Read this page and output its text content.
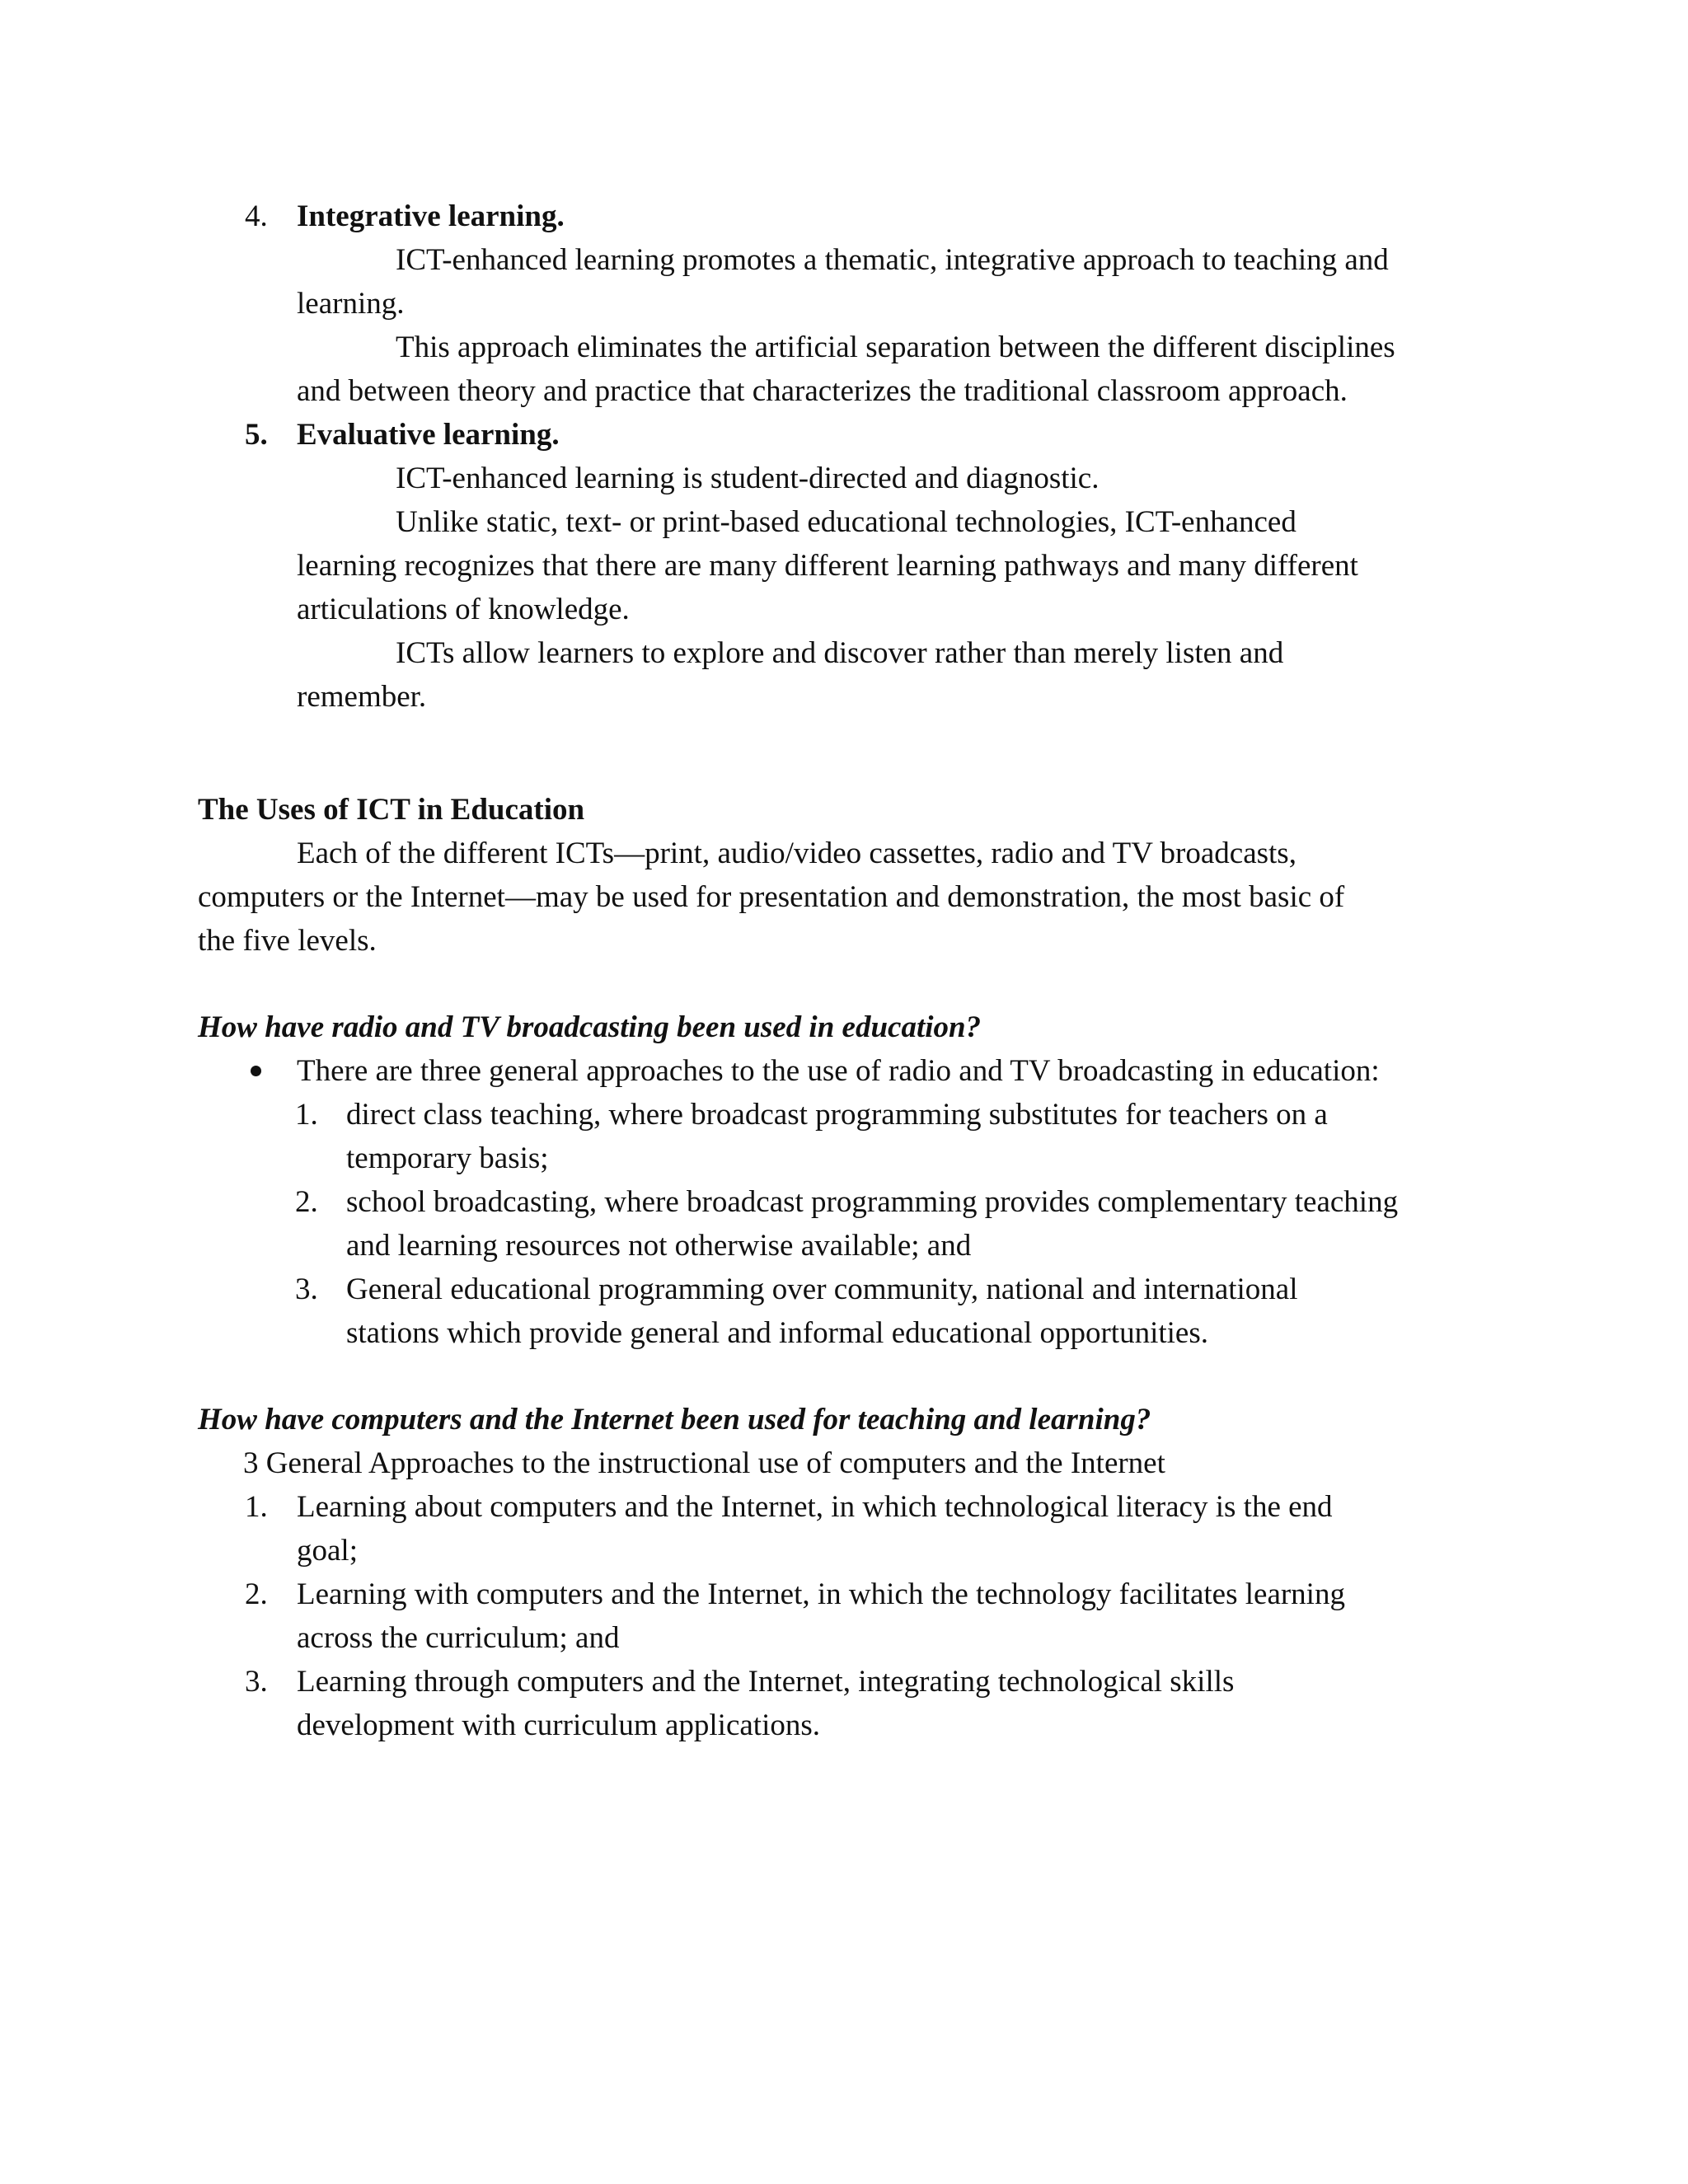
4. Integrative learning.
ICT-enhanced learning promotes a thematic, integrative approach to teaching and
learning.
This approach eliminates the artificial separation between the different disciplines
and between theory and practice that characterizes the traditional classroom approach.
5. Evaluative learning.
ICT-enhanced learning is student-directed and diagnostic.
Unlike static, text- or print-based educational technologies, ICT-enhanced
learning recognizes that there are many different learning pathways and many different
articulations of knowledge.
ICTs allow learners to explore and discover rather than merely listen and
remember.
The Uses of ICT in Education
Each of the different ICTs—print, audio/video cassettes, radio and TV broadcasts,
computers or the Internet—may be used for presentation and demonstration, the most basic of
the five levels.
How have radio and TV broadcasting been used in education?
There are three general approaches to the use of radio and TV broadcasting in education:
1. direct class teaching, where broadcast programming substitutes for teachers on a
temporary basis;
2. school broadcasting, where broadcast programming provides complementary teaching
and learning resources not otherwise available; and
3. General educational programming over community, national and international
stations which provide general and informal educational opportunities.
How have computers and the Internet been used for teaching and learning?
3 General Approaches to the instructional use of computers and the Internet
1. Learning about computers and the Internet, in which technological literacy is the end
goal;
2. Learning with computers and the Internet, in which the technology facilitates learning
across the curriculum; and
3. Learning through computers and the Internet, integrating technological skills
development with curriculum applications.
